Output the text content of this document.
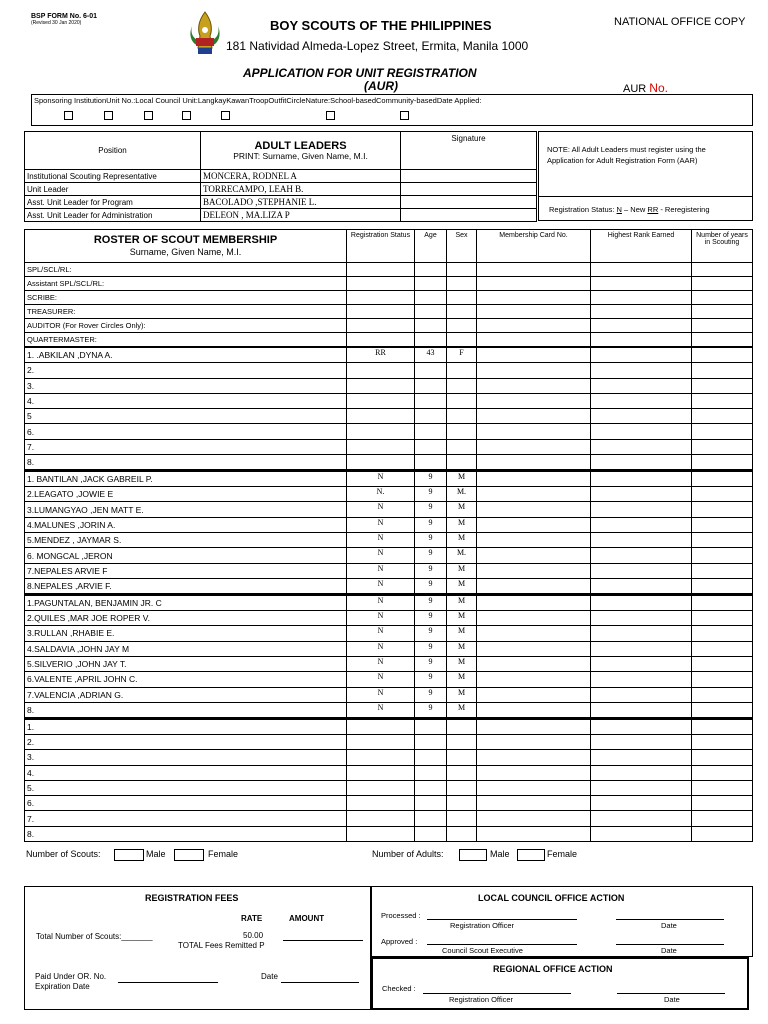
BSP FORM No. 6-01
(Revised 30 Jan 2020)	BOY SCOUTS OF THE PHILIPPINES
181 Natividad Almeda-Lopez Street, Ermita, Manila 1000
NATIONAL OFFICE COPY
APPLICATION FOR UNIT REGISTRATION
(AUR)	AUR No.
Sponsoring InstitutionUnit No.:Local Council Unit:LangkayKawanTroopOutfitCircleNature:School-basedCommunity-basedDate Applied:
Position	ADULT LEADERS
PRINT: Surname, Given Name, M.I.	Signature
Institutional Scouting Representative	MONCERA, RODNEL A	
Unit Leader	TORRECAMPO, LEAH B.	
Asst. Unit Leader for Program	BACOLADO ,STEPHANIE L.	
Asst. Unit Leader for Administration	DELEON , MA.LIZA P	
NOTE: All Adult Leaders must register using the Application for Adult Registration Form (AAR)
Registration Status: N – New RR - Reregistering
ROSTER OF SCOUT MEMBERSHIP
Surname, Given Name, M.I.
	Registration Status	Age	Sex	Membership Card No.	Highest Rank Earned	Number of years in Scouting
SPL/SCL/RL:						
Assistant SPL/SCL/RL:						
SCRIBE:						
TREASURER:						
AUDITOR (For Rover Circles Only):						
QUARTERMASTER:						
1. .ABKILAN ,DYNA A.	RR	43	F			
2.						
3.						
4.						
5						
6.						
7.						
8.						
1. BANTILAN ,JACK GABREIL P.	N	9	M			
2.LEAGATO ,JOWIE E	N.	9	M.			
3.LUMANGYAO ,JEN MATT E.	N	9	M			
4.MALUNES ,JORIN A.	N	9	M			
5.MENDEZ , JAYMAR S.	N	9	M			
6. MONGCAL ,JERON	N	9	M.			
7.NEPALES ARVIE F	N	9	M			
8.NEPALES ,ARVIE F.	N	9	M			
1.PAGUNTALAN, BENJAMIN JR. C	N	9	M			
2.QUILES ,MAR JOE ROPER V.	N	9	M			
3.RULLAN ,RHABIE E.	N	9	M			
4.SALDAVIA ,JOHN JAY M	N	9	M			
5.SILVERIO ,JOHN JAY T.	N	9	M			
6.VALENTE ,APRIL JOHN C.	N	9	M			
7.VALENCIA ,ADRIAN G.	N	9	M			
8.	N	9	M			
1.						
2.						
3.						
4.						
5.						
6.						
7.						
8.						
Number of Scouts:	Male	Female	Number of Adults:	Male	Female
REGISTRATION FEES
RATE	AMOUNT
Total Number of Scouts:_______	50.00
TOTAL Fees Remitted P
Paid Under OR. No.	Date
Expiration Date
LOCAL COUNCIL OFFICE ACTION
Processed :
Registration Officer	Date
Approved :
Council Scout Executive	Date
REGIONAL OFFICE ACTION
Checked :
Registration Officer	Date
